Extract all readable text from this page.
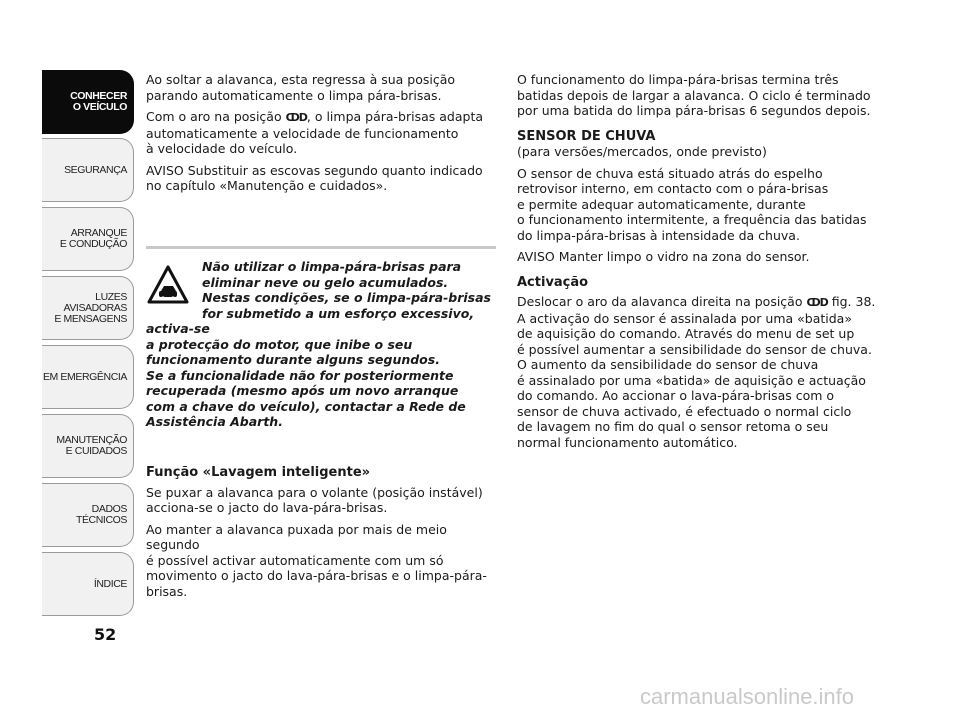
CONHECER
O VEÍCULO
SEGURANÇA
ARRANQUE
E CONDUÇÃO
LUZES
AVISADORAS
E MENSAGENS
EM EMERGÊNCIA
MANUTENÇÃO
E CUIDADOS
DADOS
TÉCNICOS
ÍNDICE
52

Ao soltar a alavanca, esta regressa à sua posição
parando automaticamente o limpa pára-brisas.

Com o aro na posição ↀD, o limpa pára-brisas adapta
automaticamente a velocidade de funcionamento
à velocidade do veículo.

AVISO Substituir as escovas segundo quanto indicado
no capítulo «Manutenção e cuidados».

Não utilizar o limpa-pára-brisas para
eliminar neve ou gelo acumulados.
Nestas condições, se o limpa-pára-brisas
for submetido a um esforço excessivo, activa-se
a protecção do motor, que inibe o seu
funcionamento durante alguns segundos.
Se a funcionalidade não for posteriormente
recuperada (mesmo após um novo arranque
com a chave do veículo), contactar a Rede de
Assistência Abarth.
Função «Lavagem inteligente»

Se puxar a alavanca para o volante (posição instável)
acciona-se o jacto do lava-pára-brisas.

Ao manter a alavanca puxada por mais de meio segundo
é possível activar automaticamente com um só
movimento o jacto do lava-pára-brisas e o limpa-pára-
brisas.

O funcionamento do limpa-pára-brisas termina três
batidas depois de largar a alavanca. O ciclo é terminado
por uma batida do limpa pára-brisas 6 segundos depois.

SENSOR DE CHUVA
(para versões/mercados, onde previsto)

O sensor de chuva está situado atrás do espelho
retrovisor interno, em contacto com o pára-brisas
e permite adequar automaticamente, durante
o funcionamento intermitente, a frequência das batidas
do limpa-pára-brisas à intensidade da chuva.

AVISO Manter limpo o vidro na zona do sensor.

Activação

Deslocar o aro da alavanca direita na posição ↀD fig. 38.
A activação do sensor é assinalada por uma «batida»
de aquisição do comando. Através do menu de set up
é possível aumentar a sensibilidade do sensor de chuva.
O aumento da sensibilidade do sensor de chuva
é assinalado por uma «batida» de aquisição e actuação
do comando. Ao accionar o lava-pára-brisas com o
sensor de chuva activado, é efectuado o normal ciclo
de lavagem no fim do qual o sensor retoma o seu
normal funcionamento automático.

carmanualsonline.info
